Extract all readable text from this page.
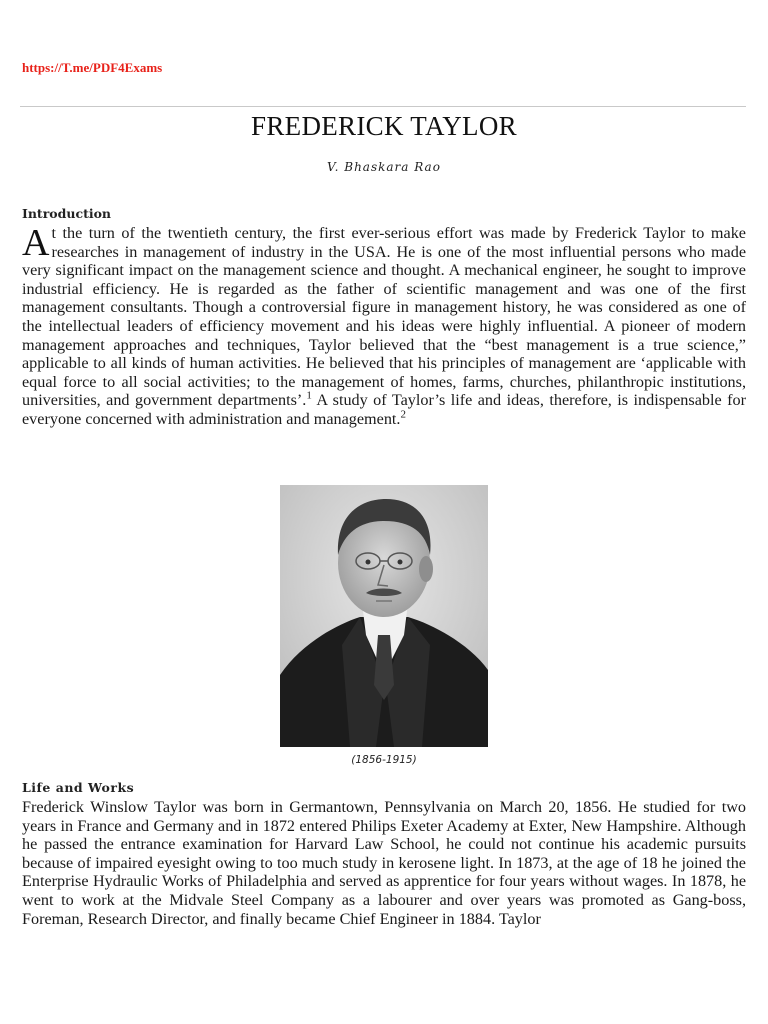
https://T.me/PDF4Exams
FREDERICK TAYLOR
V. Bhaskara Rao
Introduction

At the turn of the twentieth century, the first ever-serious effort was made by Frederick Taylor to make researches in management of industry in the USA. He is one of the most influential persons who made very significant impact on the management science and thought. A mechanical engineer, he sought to improve industrial efficiency. He is regarded as the father of scientific management and was one of the first management consultants. Though a controversial figure in management history, he was considered as one of the intellectual leaders of efficiency movement and his ideas were highly influential. A pioneer of modern management approaches and techniques, Taylor believed that the “best management is a true science,” applicable to all kinds of human activities. He believed that his principles of management are ‘applicable with equal force to all social activities; to the management of homes, farms, churches, philanthropic institutions, universities, and government departments’.$^1$ A study of Taylor’s life and ideas, therefore, is indispensable for everyone concerned with administration and management.$^2$

(1856-1915)
Life and Works

Frederick Winslow Taylor was born in Germantown, Pennsylvania on March 20, 1856. He studied for two years in France and Germany and in 1872 entered Philips Exeter Academy at Exter, New Hampshire. Although he passed the entrance examination for Harvard Law School, he could not continue his academic pursuits because of impaired eyesight owing to too much study in kerosene light. In 1873, at the age of 18 he joined the Enterprise Hydraulic Works of Philadelphia and served as apprentice for four years without wages. In 1878, he went to work at the Midvale Steel Company as a labourer and over years was promoted as Gang-boss, Foreman, Research Director, and finally became Chief Engineer in 1884. Taylor
